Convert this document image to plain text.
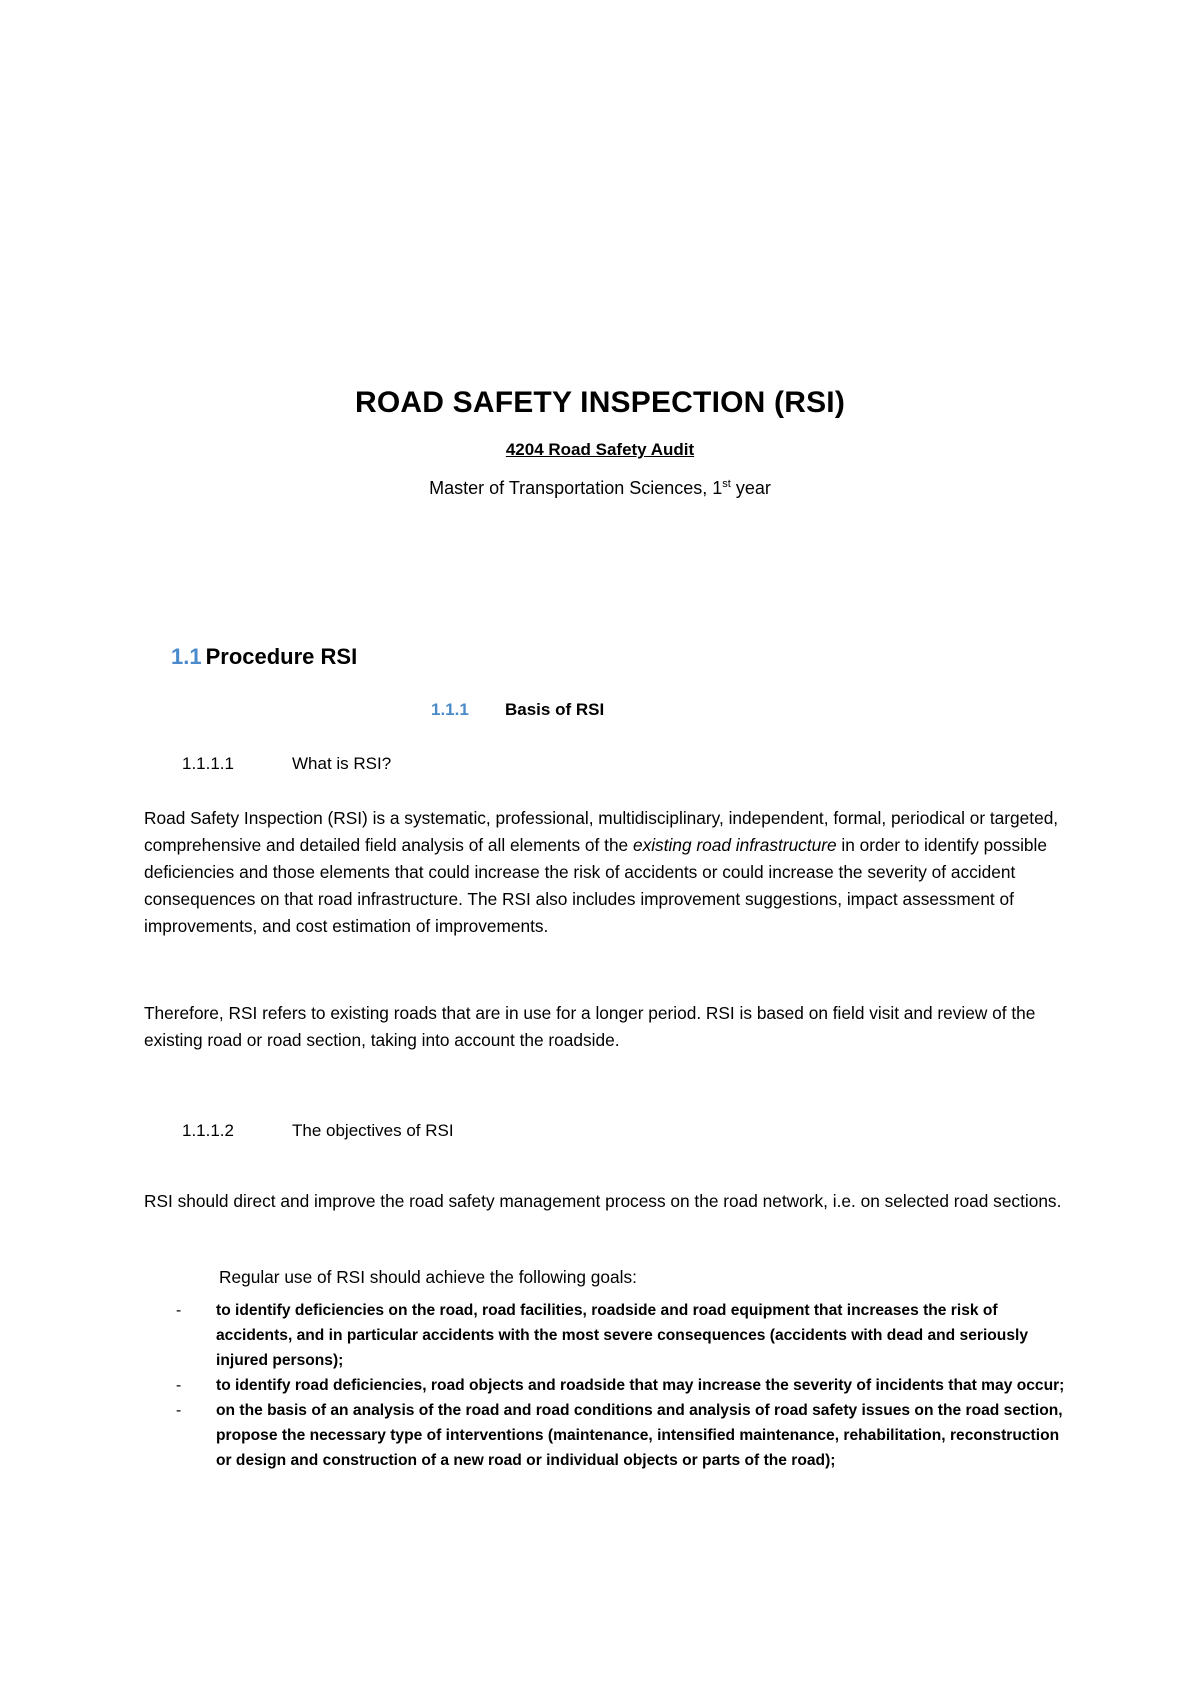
ROAD SAFETY INSPECTION (RSI)
4204 Road Safety Audit
Master of Transportation Sciences, 1st year
1.1 Procedure RSI
1.1.1 Basis of RSI
1.1.1.1	What is RSI?
Road Safety Inspection (RSI) is a systematic, professional, multidisciplinary, independent, formal, periodical or targeted, comprehensive and detailed field analysis of all elements of the existing road infrastructure in order to identify possible deficiencies and those elements that could increase the risk of accidents or could increase the severity of accident consequences on that road infrastructure. The RSI also includes improvement suggestions, impact assessment of improvements, and cost estimation of improvements.
Therefore, RSI refers to existing roads that are in use for a longer period. RSI is based on field visit and review of the existing road or road section, taking into account the roadside.
1.1.1.2	The objectives of RSI
RSI should direct and improve the road safety management process on the road network, i.e. on selected road sections.
Regular use of RSI should achieve the following goals:
- to identify deficiencies on the road, road facilities, roadside and road equipment that increases the risk of accidents, and in particular accidents with the most severe consequences (accidents with dead and seriously injured persons);
- to identify road deficiencies, road objects and roadside that may increase the severity of incidents that may occur;
- on the basis of an analysis of the road and road conditions and analysis of road safety issues on the road section, propose the necessary type of interventions (maintenance, intensified maintenance, rehabilitation, reconstruction or design and construction of a new road or individual objects or parts of the road);
